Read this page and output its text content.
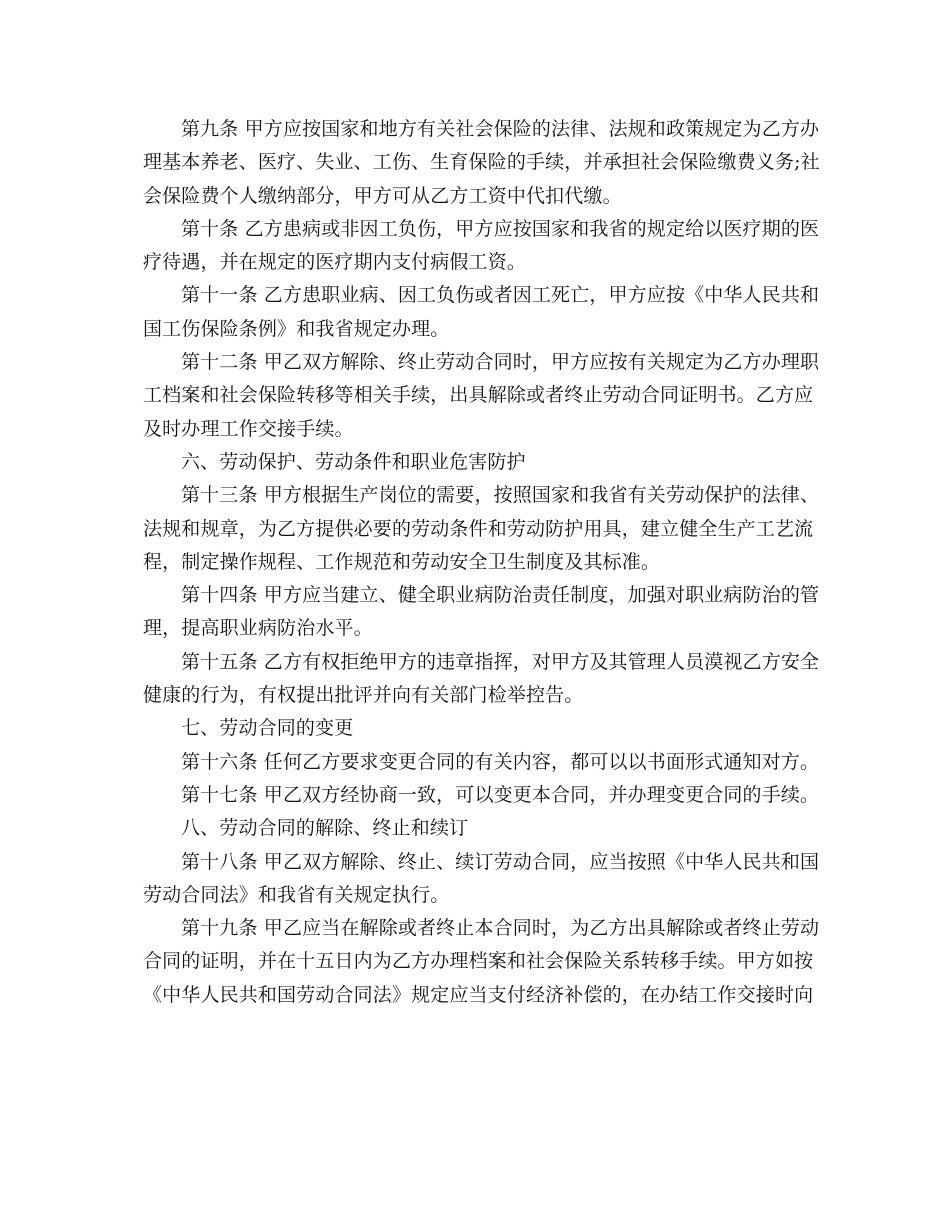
第九条 甲方应按国家和地方有关社会保险的法律、法规和政策规定为乙方办
理基本养老、医疗、失业、工伤、生育保险的手续，并承担社会保险缴费义务;社
会保险费个人缴纳部分，甲方可从乙方工资中代扣代缴。
第十条 乙方患病或非因工负伤，甲方应按国家和我省的规定给以医疗期的医
疗待遇，并在规定的医疗期内支付病假工资。
第十一条 乙方患职业病、因工负伤或者因工死亡，甲方应按《中华人民共和
国工伤保险条例》和我省规定办理。
第十二条 甲乙双方解除、终止劳动合同时，甲方应按有关规定为乙方办理职
工档案和社会保险转移等相关手续，出具解除或者终止劳动合同证明书。乙方应
及时办理工作交接手续。
六、劳动保护、劳动条件和职业危害防护
第十三条 甲方根据生产岗位的需要，按照国家和我省有关劳动保护的法律、
法规和规章，为乙方提供必要的劳动条件和劳动防护用具，建立健全生产工艺流
程，制定操作规程、工作规范和劳动安全卫生制度及其标准。
第十四条 甲方应当建立、健全职业病防治责任制度，加强对职业病防治的管
理，提高职业病防治水平。
第十五条 乙方有权拒绝甲方的违章指挥，对甲方及其管理人员漠视乙方安全
健康的行为，有权提出批评并向有关部门检举控告。
七、劳动合同的变更
第十六条 任何乙方要求变更合同的有关内容，都可以以书面形式通知对方。
第十七条 甲乙双方经协商一致，可以变更本合同，并办理变更合同的手续。
八、劳动合同的解除、终止和续订
第十八条 甲乙双方解除、终止、续订劳动合同，应当按照《中华人民共和国
劳动合同法》和我省有关规定执行。
第十九条 甲乙应当在解除或者终止本合同时，为乙方出具解除或者终止劳动
合同的证明，并在十五日内为乙方办理档案和社会保险关系转移手续。甲方如按
《中华人民共和国劳动合同法》规定应当支付经济补偿的，在办结工作交接时向
